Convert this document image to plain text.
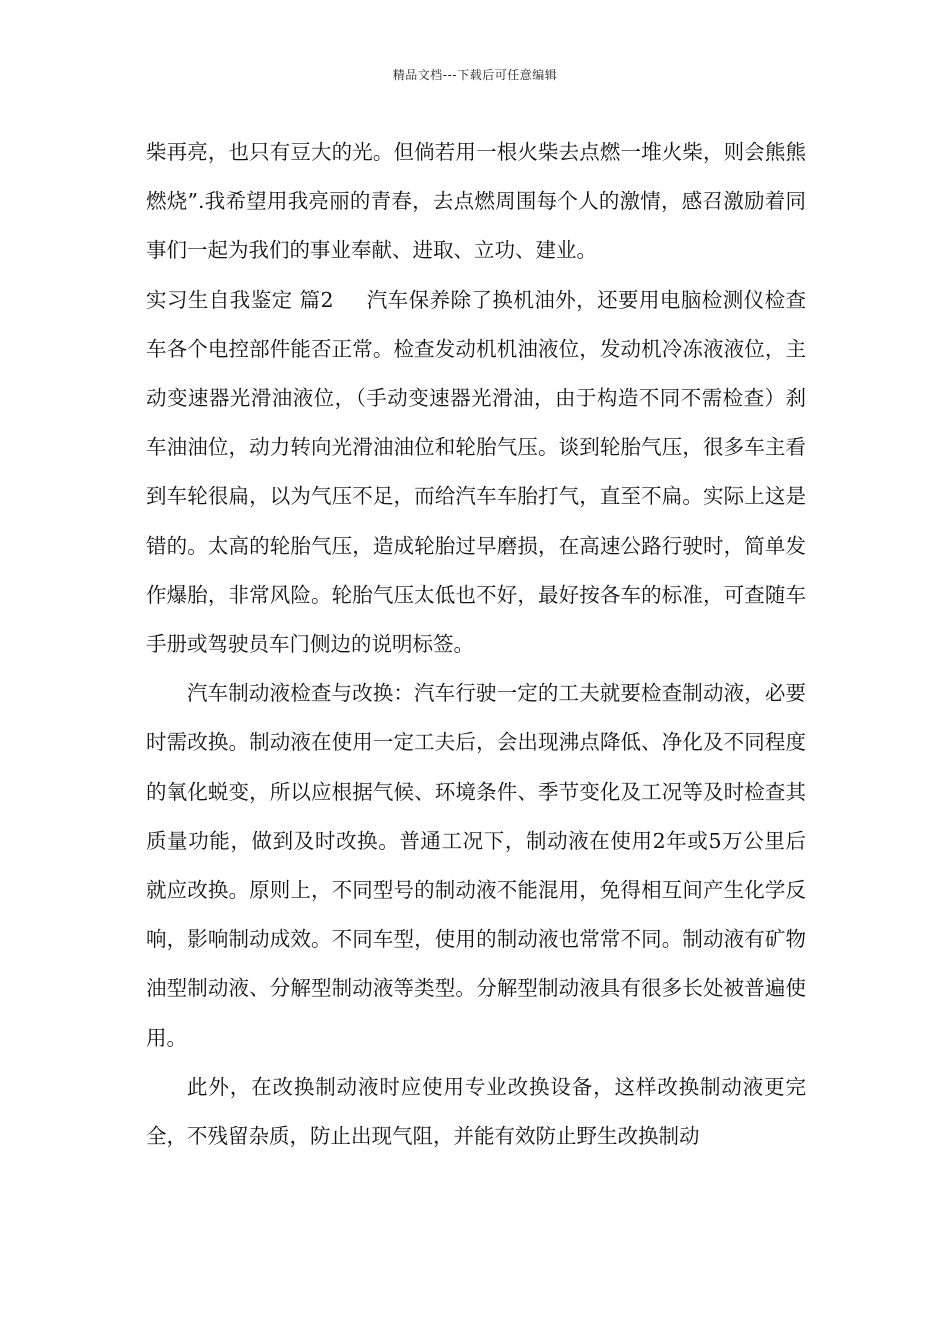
精品文档---下载后可任意编辑

柴再亮，也只有豆大的光。但倘若用一根火柴去点燃一堆火柴，则会熊熊燃烧”.我希望用我亮丽的青春，去点燃周围每个人的激情，感召激励着同事们一起为我们的事业奉献、进取、立功、建业。

实习生自我鉴定 篇2 汽车保养除了换机油外，还要用电脑检测仪检查车各个电控部件能否正常。检查发动机机油液位，发动机冷冻液液位，主动变速器光滑油液位，（手动变速器光滑油，由于构造不同不需检查）刹车油油位，动力转向光滑油油位和轮胎气压。谈到轮胎气压，很多车主看到车轮很扁，以为气压不足，而给汽车车胎打气，直至不扁。实际上这是错的。太高的轮胎气压，造成轮胎过早磨损，在高速公路行驶时，简单发作爆胎，非常风险。轮胎气压太低也不好，最好按各车的标准，可查随车手册或驾驶员车门侧边的说明标签。

汽车制动液检查与改换：汽车行驶一定的工夫就要检查制动液，必要时需改换。制动液在使用一定工夫后，会出现沸点降低、净化及不同程度的氧化蜕变，所以应根据气候、环境条件、季节变化及工况等及时检查其质量功能，做到及时改换。普通工况下，制动液在使用2年或5万公里后就应改换。原则上，不同型号的制动液不能混用，免得相互间产生化学反响，影响制动成效。不同车型，使用的制动液也常常不同。制动液有矿物油型制动液、分解型制动液等类型。分解型制动液具有很多长处被普遍使用。

此外，在改换制动液时应使用专业改换设备，这样改换制动液更完全，不残留杂质，防止出现气阻，并能有效防止野生改换制动
